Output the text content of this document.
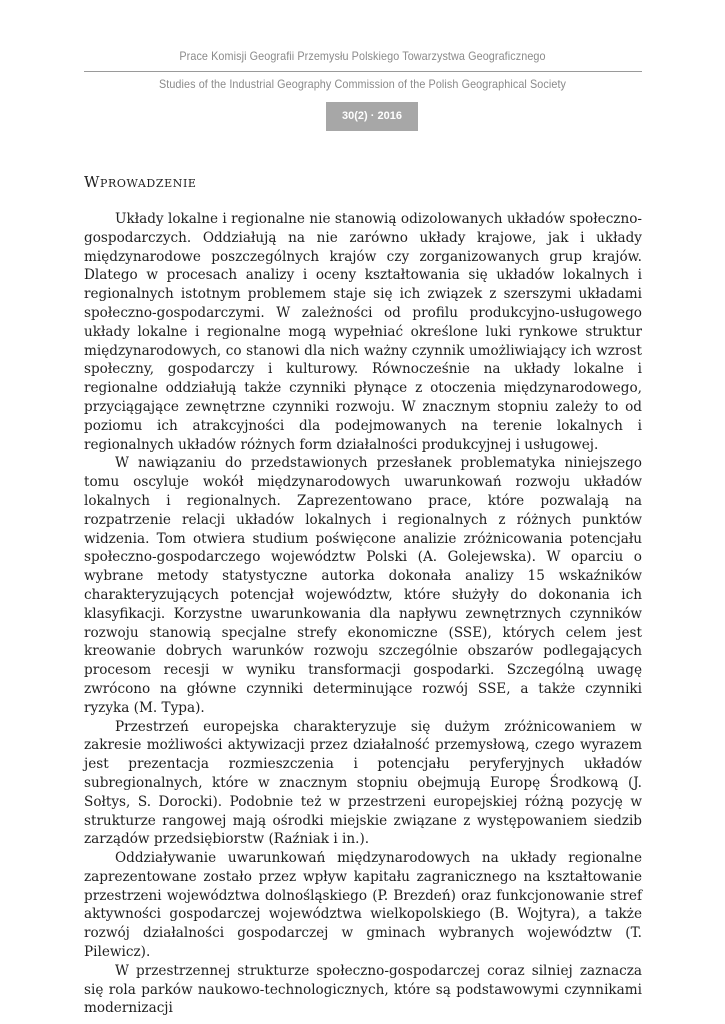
Prace Komisji Geografii Przemysłu Polskiego Towarzystwa Geograficznego
Studies of the Industrial Geography Commission of the Polish Geographical Society
30(2) · 2016
Wprowadzenie

Układy lokalne i regionalne nie stanowią odizolowanych układów społeczno-gospodarczych. Oddziałują na nie zarówno układy krajowe, jak i układy międzynarodowe poszczególnych krajów czy zorganizowanych grup krajów. Dlatego w procesach analizy i oceny kształtowania się układów lokalnych i regionalnych istotnym problemem staje się ich związek z szerszymi układami społeczno-gospodarczymi. W zależności od profilu produkcyjno-usługowego układy lokalne i regionalne mogą wypełniać określone luki rynkowe struktur międzynarodowych, co stanowi dla nich ważny czynnik umożliwiający ich wzrost społeczny, gospodarczy i kulturowy. Równocześnie na układy lokalne i regionalne oddziałują także czynniki płynące z otoczenia międzynarodowego, przyciągające zewnętrzne czynniki rozwoju. W znacznym stopniu zależy to od poziomu ich atrakcyjności dla podejmowanych na terenie lokalnych i regionalnych układów różnych form działalności produkcyjnej i usługowej.

W nawiązaniu do przedstawionych przesłanek problematyka niniejszego tomu oscyluje wokół międzynarodowych uwarunkowań rozwoju układów lokalnych i regionalnych. Zaprezentowano prace, które pozwalają na rozpatrzenie relacji układów lokalnych i regionalnych z różnych punktów widzenia. Tom otwiera studium poświęcone analizie zróżnicowania potencjału społeczno-gospodarczego województw Polski (A. Golejewska). W oparciu o wybrane metody statystyczne autorka dokonała analizy 15 wskaźników charakteryzujących potencjał województw, które służyły do dokonania ich klasyfikacji. Korzystne uwarunkowania dla napływu zewnętrznych czynników rozwoju stanowią specjalne strefy ekonomiczne (SSE), których celem jest kreowanie dobrych warunków rozwoju szczególnie obszarów podlegających procesom recesji w wyniku transformacji gospodarki. Szczególną uwagę zwrócono na główne czynniki determinujące rozwój SSE, a także czynniki ryzyka (M. Typa).

Przestrzeń europejska charakteryzuje się dużym zróżnicowaniem w zakresie możliwości aktywizacji przez działalność przemysłową, czego wyrazem jest prezentacja rozmieszczenia i potencjału peryferyjnych układów subregionalnych, które w znacznym stopniu obejmują Europę Środkową (J. Sołtys, S. Dorocki). Podobnie też w przestrzeni europejskiej różną pozycję w strukturze rangowej mają ośrodki miejskie związane z występowaniem siedzib zarządów przedsiębiorstw (Raźniak i in.).

Oddziaływanie uwarunkowań międzynarodowych na układy regionalne zaprezentowane zostało przez wpływ kapitału zagranicznego na kształtowanie przestrzeni województwa dolnośląskiego (P. Brezdeń) oraz funkcjonowanie stref aktywności gospodarczej województwa wielkopolskiego (B. Wojtyra), a także rozwój działalności gospodarczej w gminach wybranych województw (T. Pilewicz).

W przestrzennej strukturze społeczno-gospodarczej coraz silniej zaznacza się rola parków naukowo-technologicznych, które są podstawowymi czynnikami modernizacji
